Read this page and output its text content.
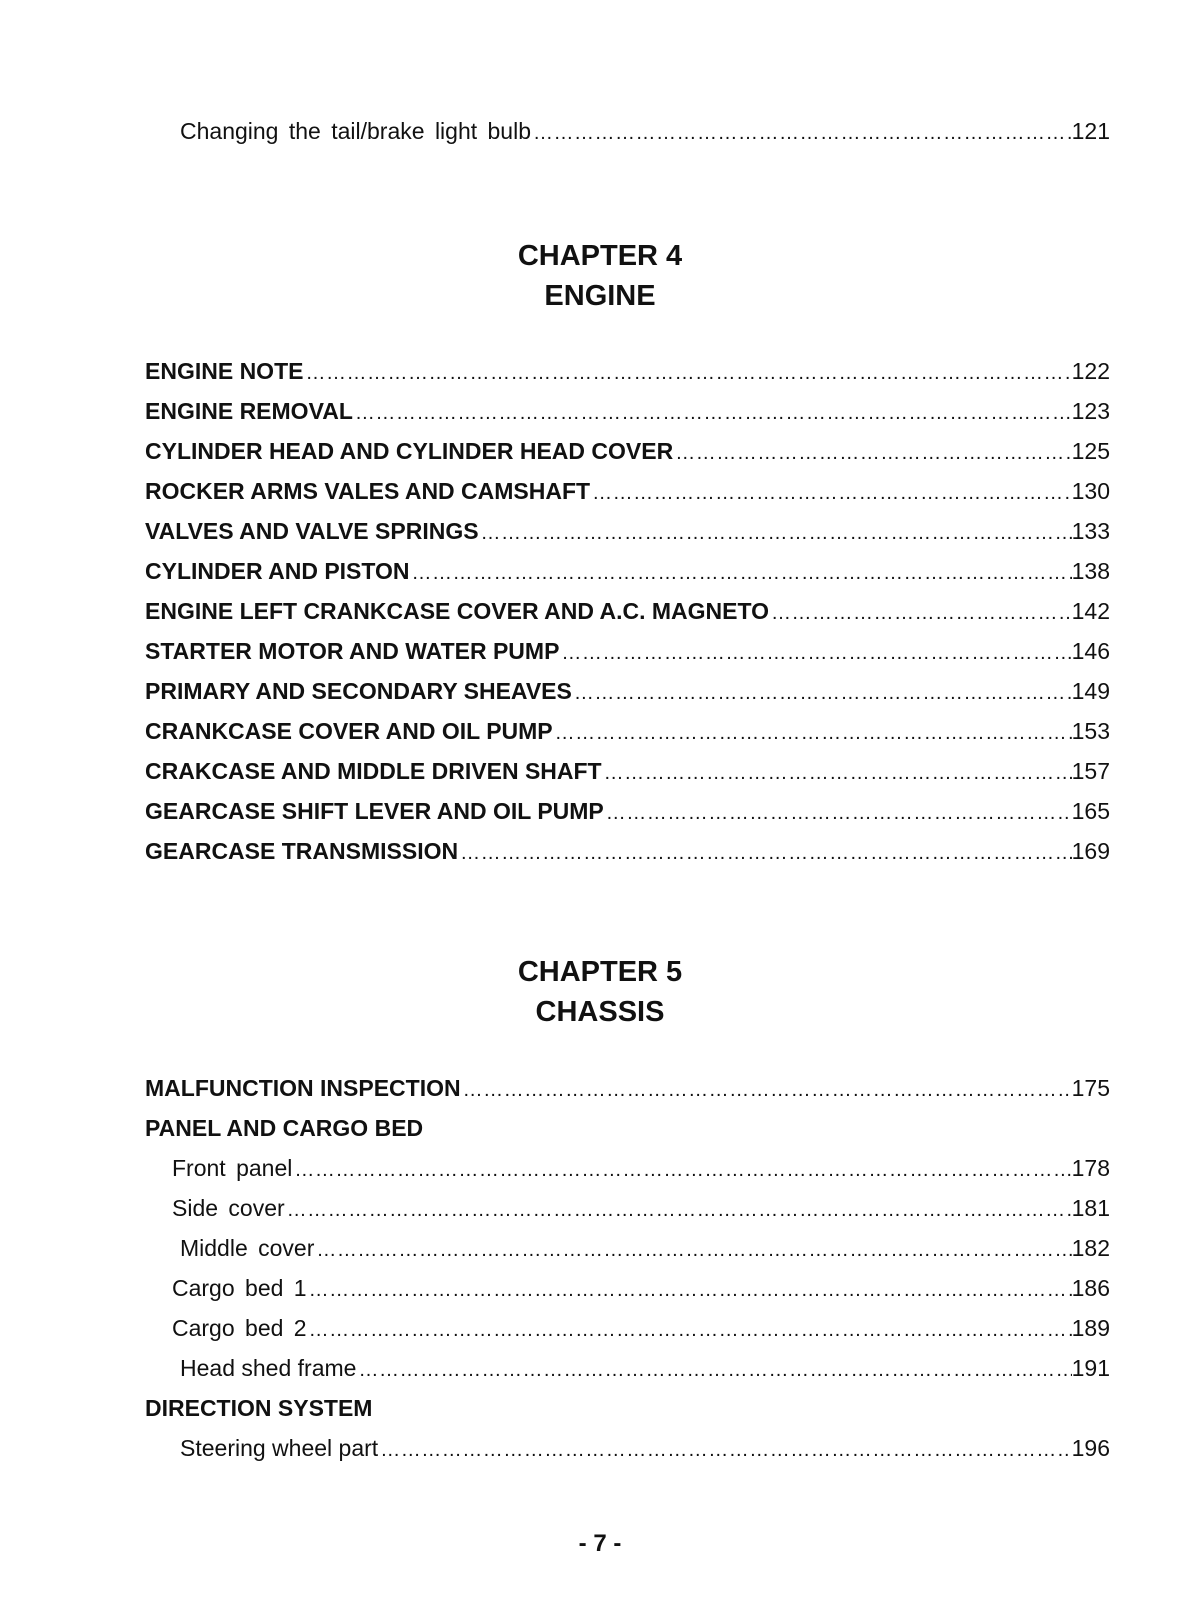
Changing the tail/brake light bulb …………………………………………………………………………………………………………………………………………………………………………………………………………	121
CHAPTER 4
ENGINE
ENGINE NOTE …………………………………………………………………………………………………………………………………………………………………………………………………………	122
ENGINE REMOVAL …………………………………………………………………………………………………………………………………………………………………………………………………………	123
CYLINDER HEAD AND CYLINDER HEAD COVER …………………………………………………………………………………………………………………………………………………………………………………………………………	125
ROCKER ARMS VALES AND CAMSHAFT …………………………………………………………………………………………………………………………………………………………………………………………………………	130
VALVES AND VALVE SPRINGS …………………………………………………………………………………………………………………………………………………………………………………………………………	133
CYLINDER AND PISTON …………………………………………………………………………………………………………………………………………………………………………………………………………	138
ENGINE LEFT CRANKCASE COVER AND A.C. MAGNETO …………………………………………………………………………………………………………………………………………………………………………………………………………	142
STARTER MOTOR AND WATER PUMP …………………………………………………………………………………………………………………………………………………………………………………………………………	146
PRIMARY AND SECONDARY SHEAVES …………………………………………………………………………………………………………………………………………………………………………………………………………	149
CRANKCASE COVER AND OIL PUMP …………………………………………………………………………………………………………………………………………………………………………………………………………	153
CRAKCASE AND MIDDLE DRIVEN SHAFT …………………………………………………………………………………………………………………………………………………………………………………………………………	157
GEARCASE SHIFT LEVER AND OIL PUMP …………………………………………………………………………………………………………………………………………………………………………………………………………	165
GEARCASE TRANSMISSION …………………………………………………………………………………………………………………………………………………………………………………………………………	169
CHAPTER 5
CHASSIS
MALFUNCTION INSPECTION …………………………………………………………………………………………………………………………………………………………………………………………………………	175
PANEL AND CARGO BED
Front panel …………………………………………………………………………………………………………………………………………………………………………………………………………	178
Side cover …………………………………………………………………………………………………………………………………………………………………………………………………………	181
Middle cover …………………………………………………………………………………………………………………………………………………………………………………………………………	182
Cargo bed 1 …………………………………………………………………………………………………………………………………………………………………………………………………………	186
Cargo bed 2 …………………………………………………………………………………………………………………………………………………………………………………………………………	189
Head shed frame …………………………………………………………………………………………………………………………………………………………………………………………………………	191
DIRECTION SYSTEM
Steering wheel part …………………………………………………………………………………………………………………………………………………………………………………………………………	196
- 7 -
